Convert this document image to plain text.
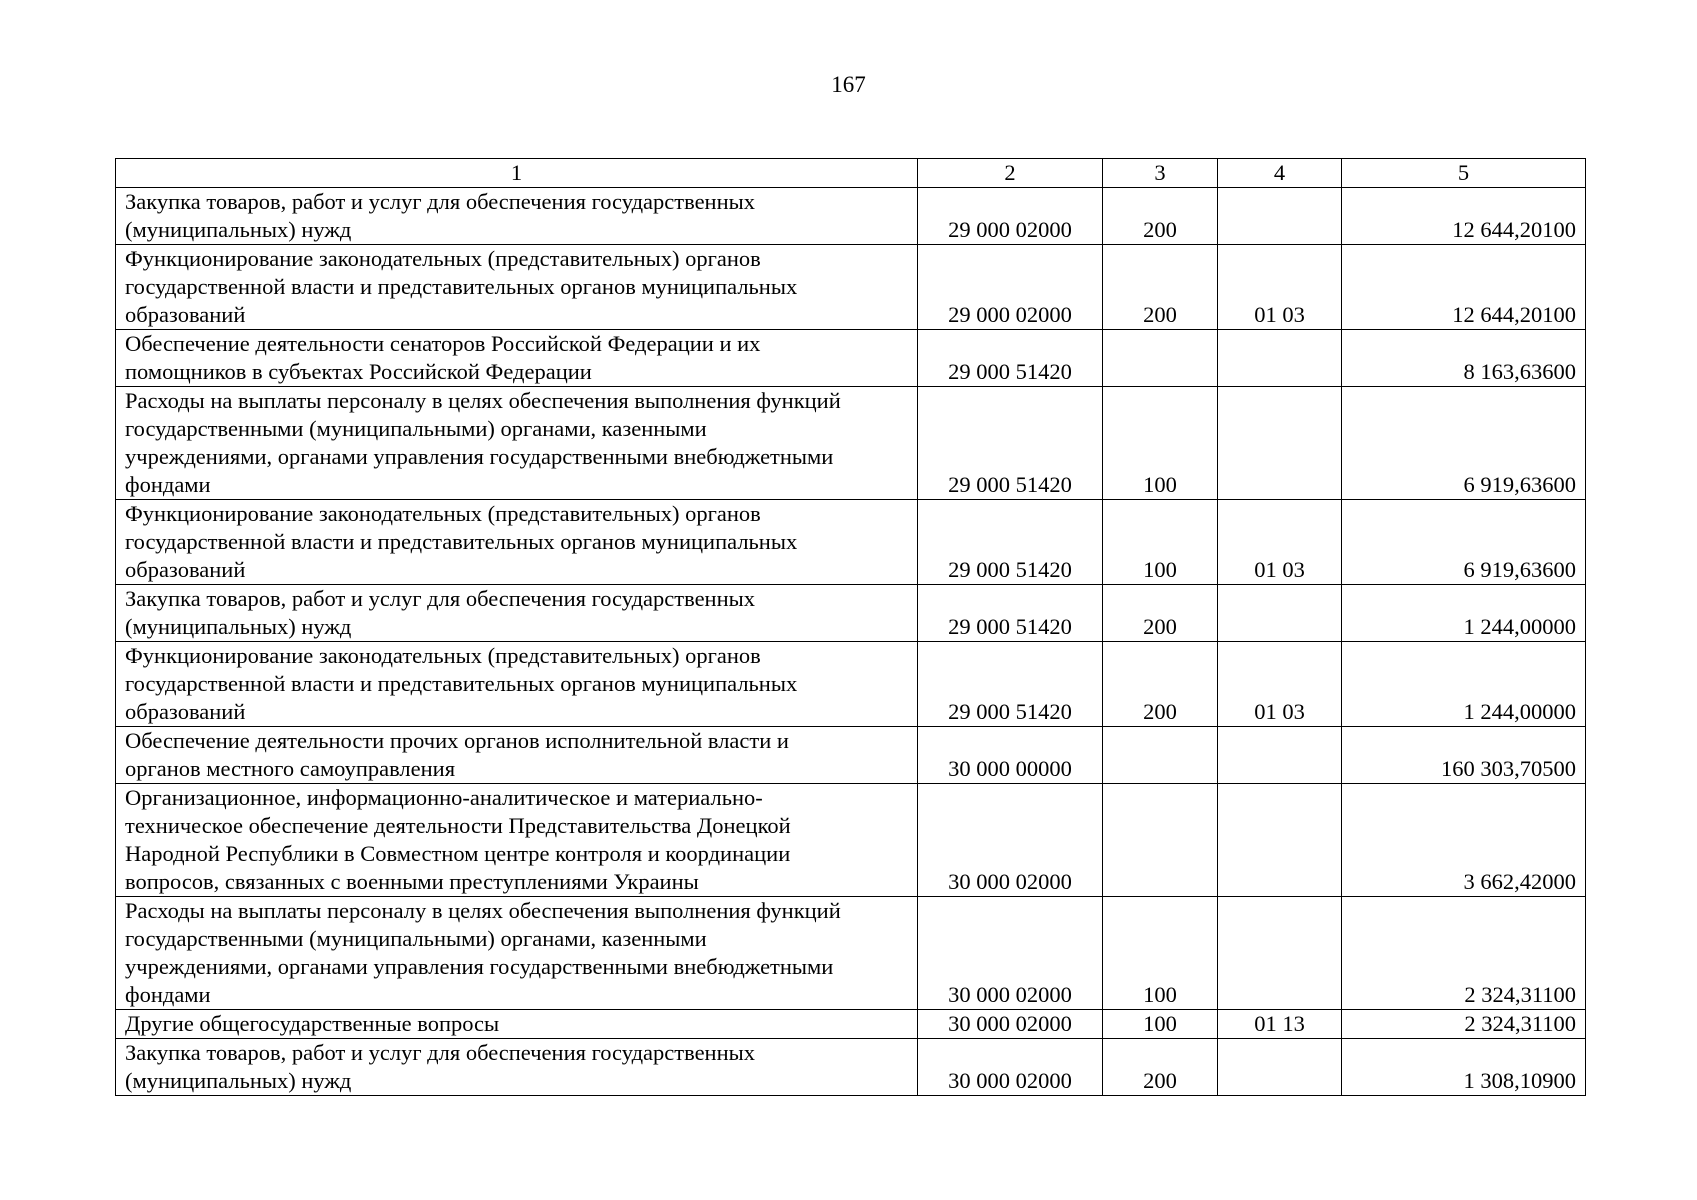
167
1	2	3	4	5

Закупка товаров, работ и услуг для обеспечения государственных
(муниципальных) нужд	29 000 02000	200		12 644,20100

Функционирование законодательных (представительных) органов
государственной власти и представительных органов муниципальных
образований	29 000 02000	200	01 03	12 644,20100

Обеспечение деятельности сенаторов Российской Федерации и их
помощников в субъектах Российской Федерации	29 000 51420			8 163,63600

Расходы на выплаты персоналу в целях обеспечения выполнения функций
государственными (муниципальными) органами, казенными
учреждениями, органами управления государственными внебюджетными
фондами	29 000 51420	100		6 919,63600

Функционирование законодательных (представительных) органов
государственной власти и представительных органов муниципальных
образований	29 000 51420	100	01 03	6 919,63600

Закупка товаров, работ и услуг для обеспечения государственных
(муниципальных) нужд	29 000 51420	200		1 244,00000

Функционирование законодательных (представительных) органов
государственной власти и представительных органов муниципальных
образований	29 000 51420	200	01 03	1 244,00000

Обеспечение деятельности прочих органов исполнительной власти и
органов местного самоуправления	30 000 00000			160 303,70500

Организационное, информационно-аналитическое и материально-
техническое обеспечение деятельности Представительства Донецкой
Народной Республики в Совместном центре контроля и координации
вопросов, связанных с военными преступлениями Украины	30 000 02000			3 662,42000

Расходы на выплаты персоналу в целях обеспечения выполнения функций
государственными (муниципальными) органами, казенными
учреждениями, органами управления государственными внебюджетными
фондами	30 000 02000	100		2 324,31100

Другие общегосударственные вопросы	30 000 02000	100	01 13	2 324,31100

Закупка товаров, работ и услуг для обеспечения государственных
(муниципальных) нужд	30 000 02000	200		1 308,10900
